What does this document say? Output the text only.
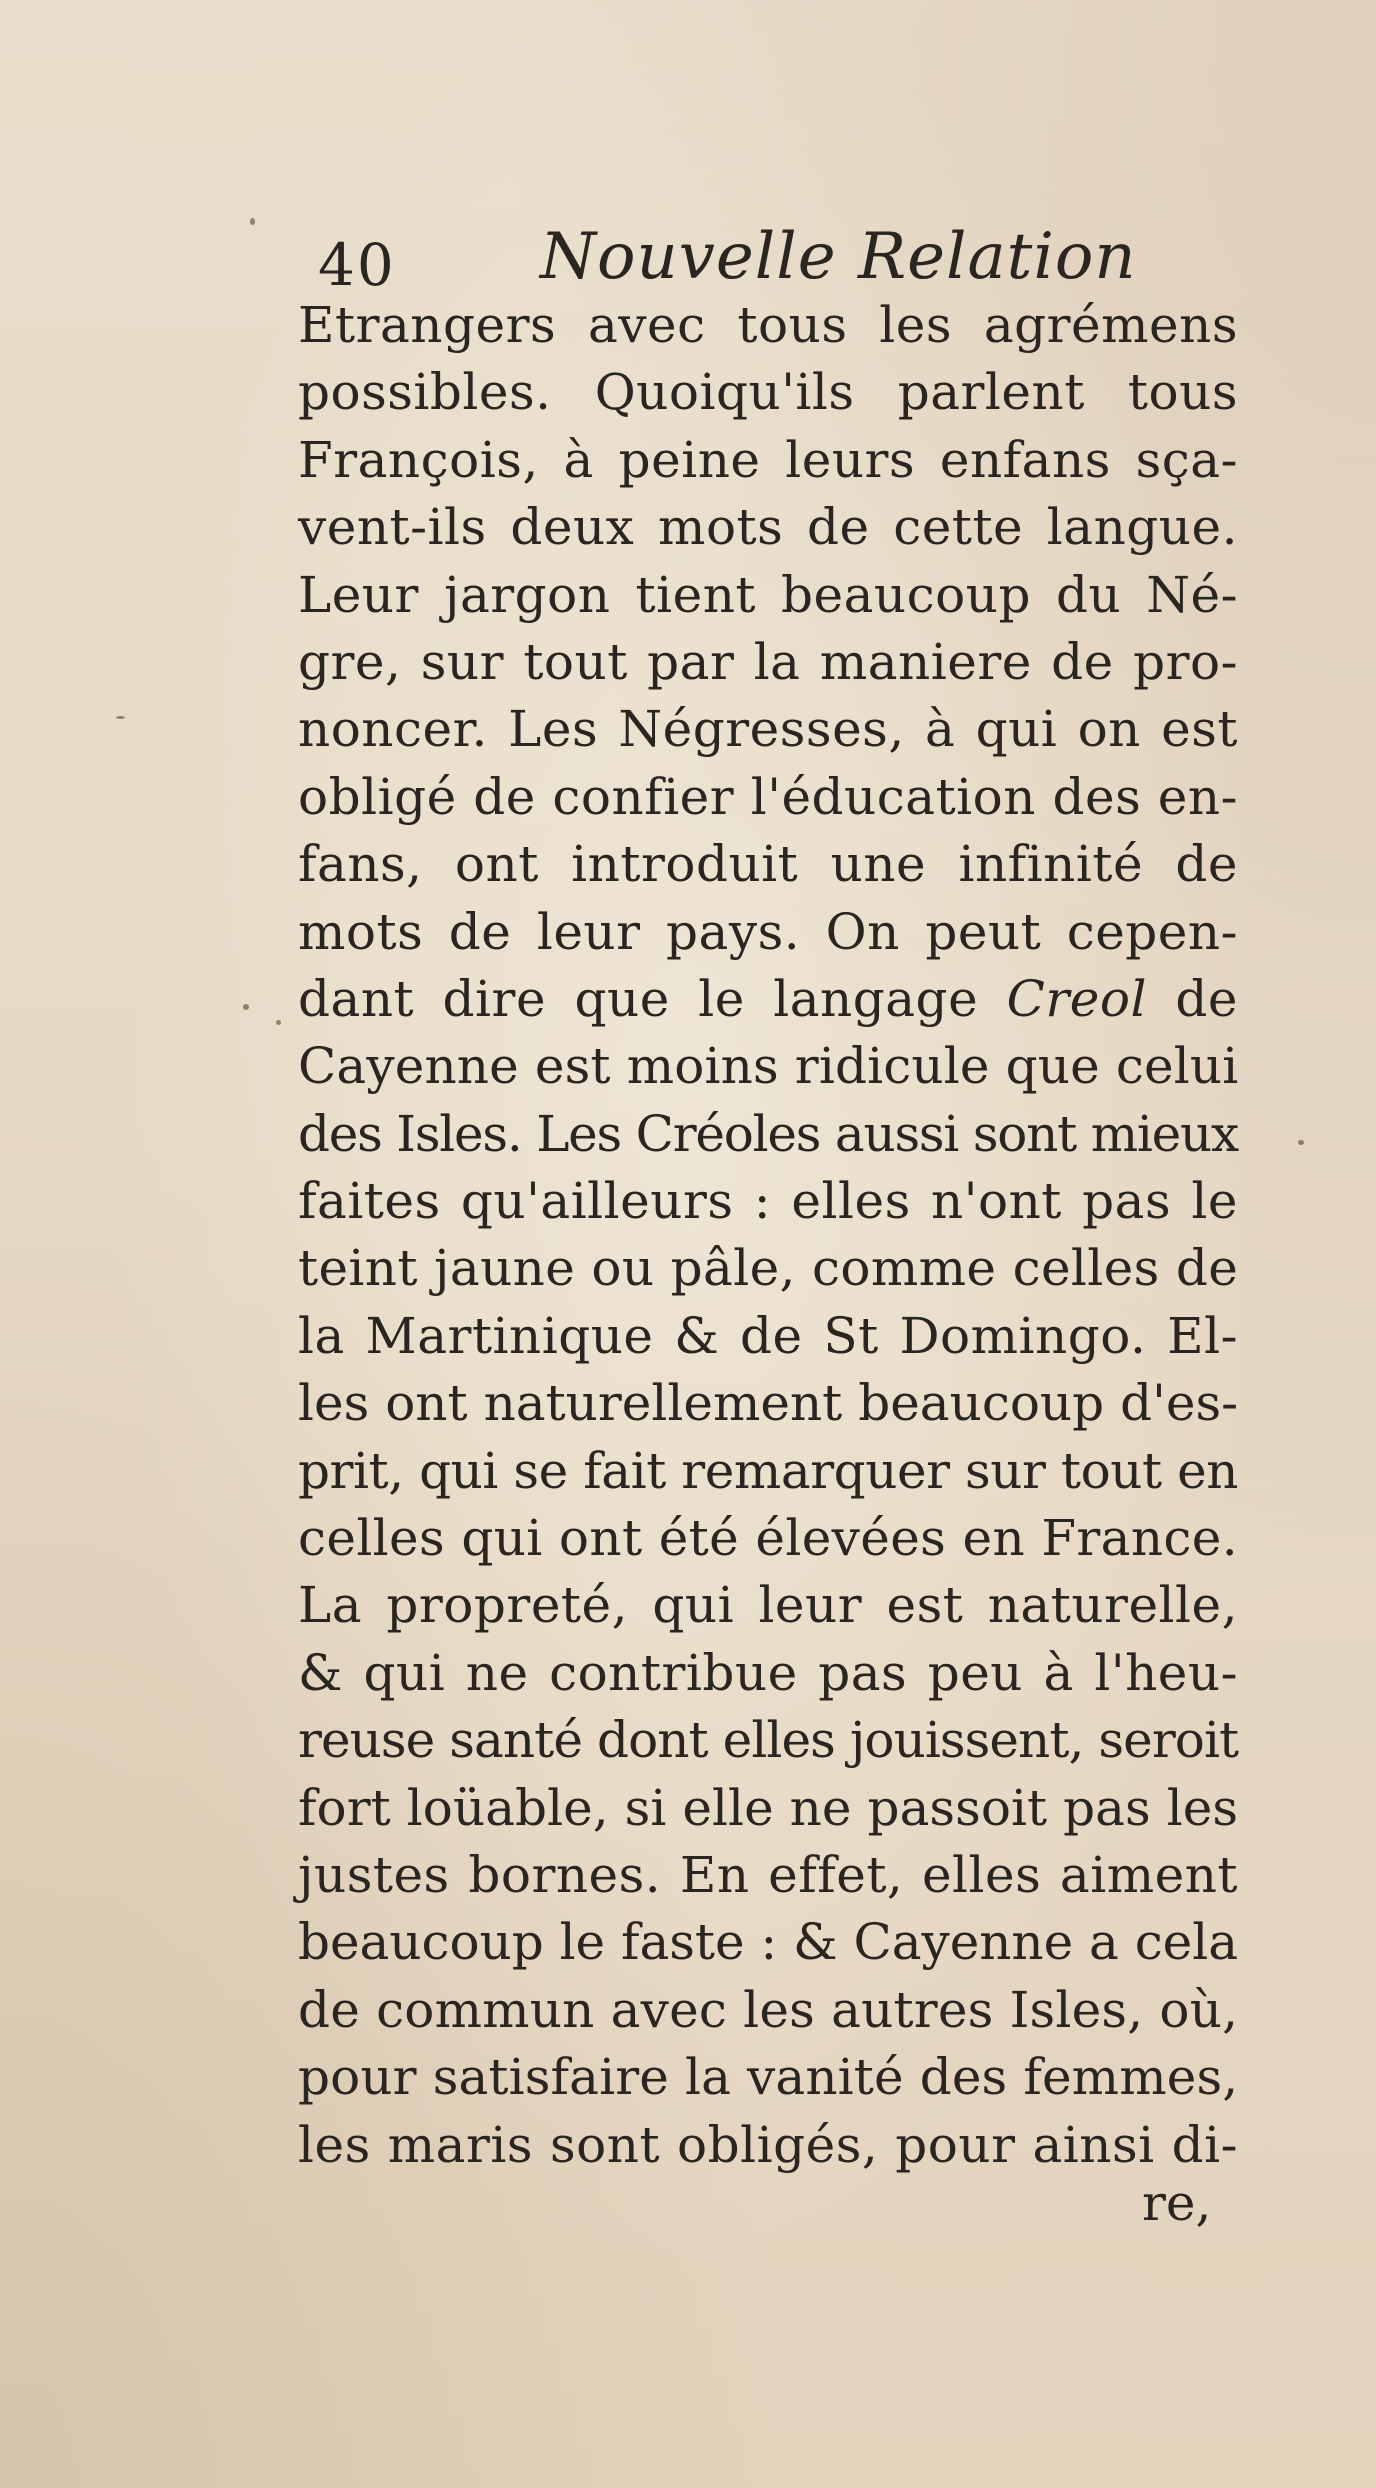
40 Nouvelle Relation
Etrangers avec tous les agrémens
possibles. Quoiqu'ils parlent tous
François, à peine leurs enfans sça-
vent-ils deux mots de cette langue.
Leur jargon tient beaucoup du Né-
gre, sur tout par la maniere de pro-
noncer. Les Négresses, à qui on est
obligé de confier l'éducation des en-
fans, ont introduit une infinité de
mots de leur pays. On peut cepen-
dant dire que le langage Creol de
Cayenne est moins ridicule que celui
des Isles. Les Créoles aussi sont mieux
faites qu'ailleurs : elles n'ont pas le
teint jaune ou pâle, comme celles de
la Martinique & de St Domingo. El-
les ont naturellement beaucoup d'es-
prit, qui se fait remarquer sur tout en
celles qui ont été élevées en France.
La propreté, qui leur est naturelle,
& qui ne contribue pas peu à l'heu-
reuse santé dont elles jouissent, seroit
fort loüable, si elle ne passoit pas les
justes bornes. En effet, elles aiment
beaucoup le faste : & Cayenne a cela
de commun avec les autres Isles, où,
pour satisfaire la vanité des femmes,
les maris sont obligés, pour ainsi di-
re,
